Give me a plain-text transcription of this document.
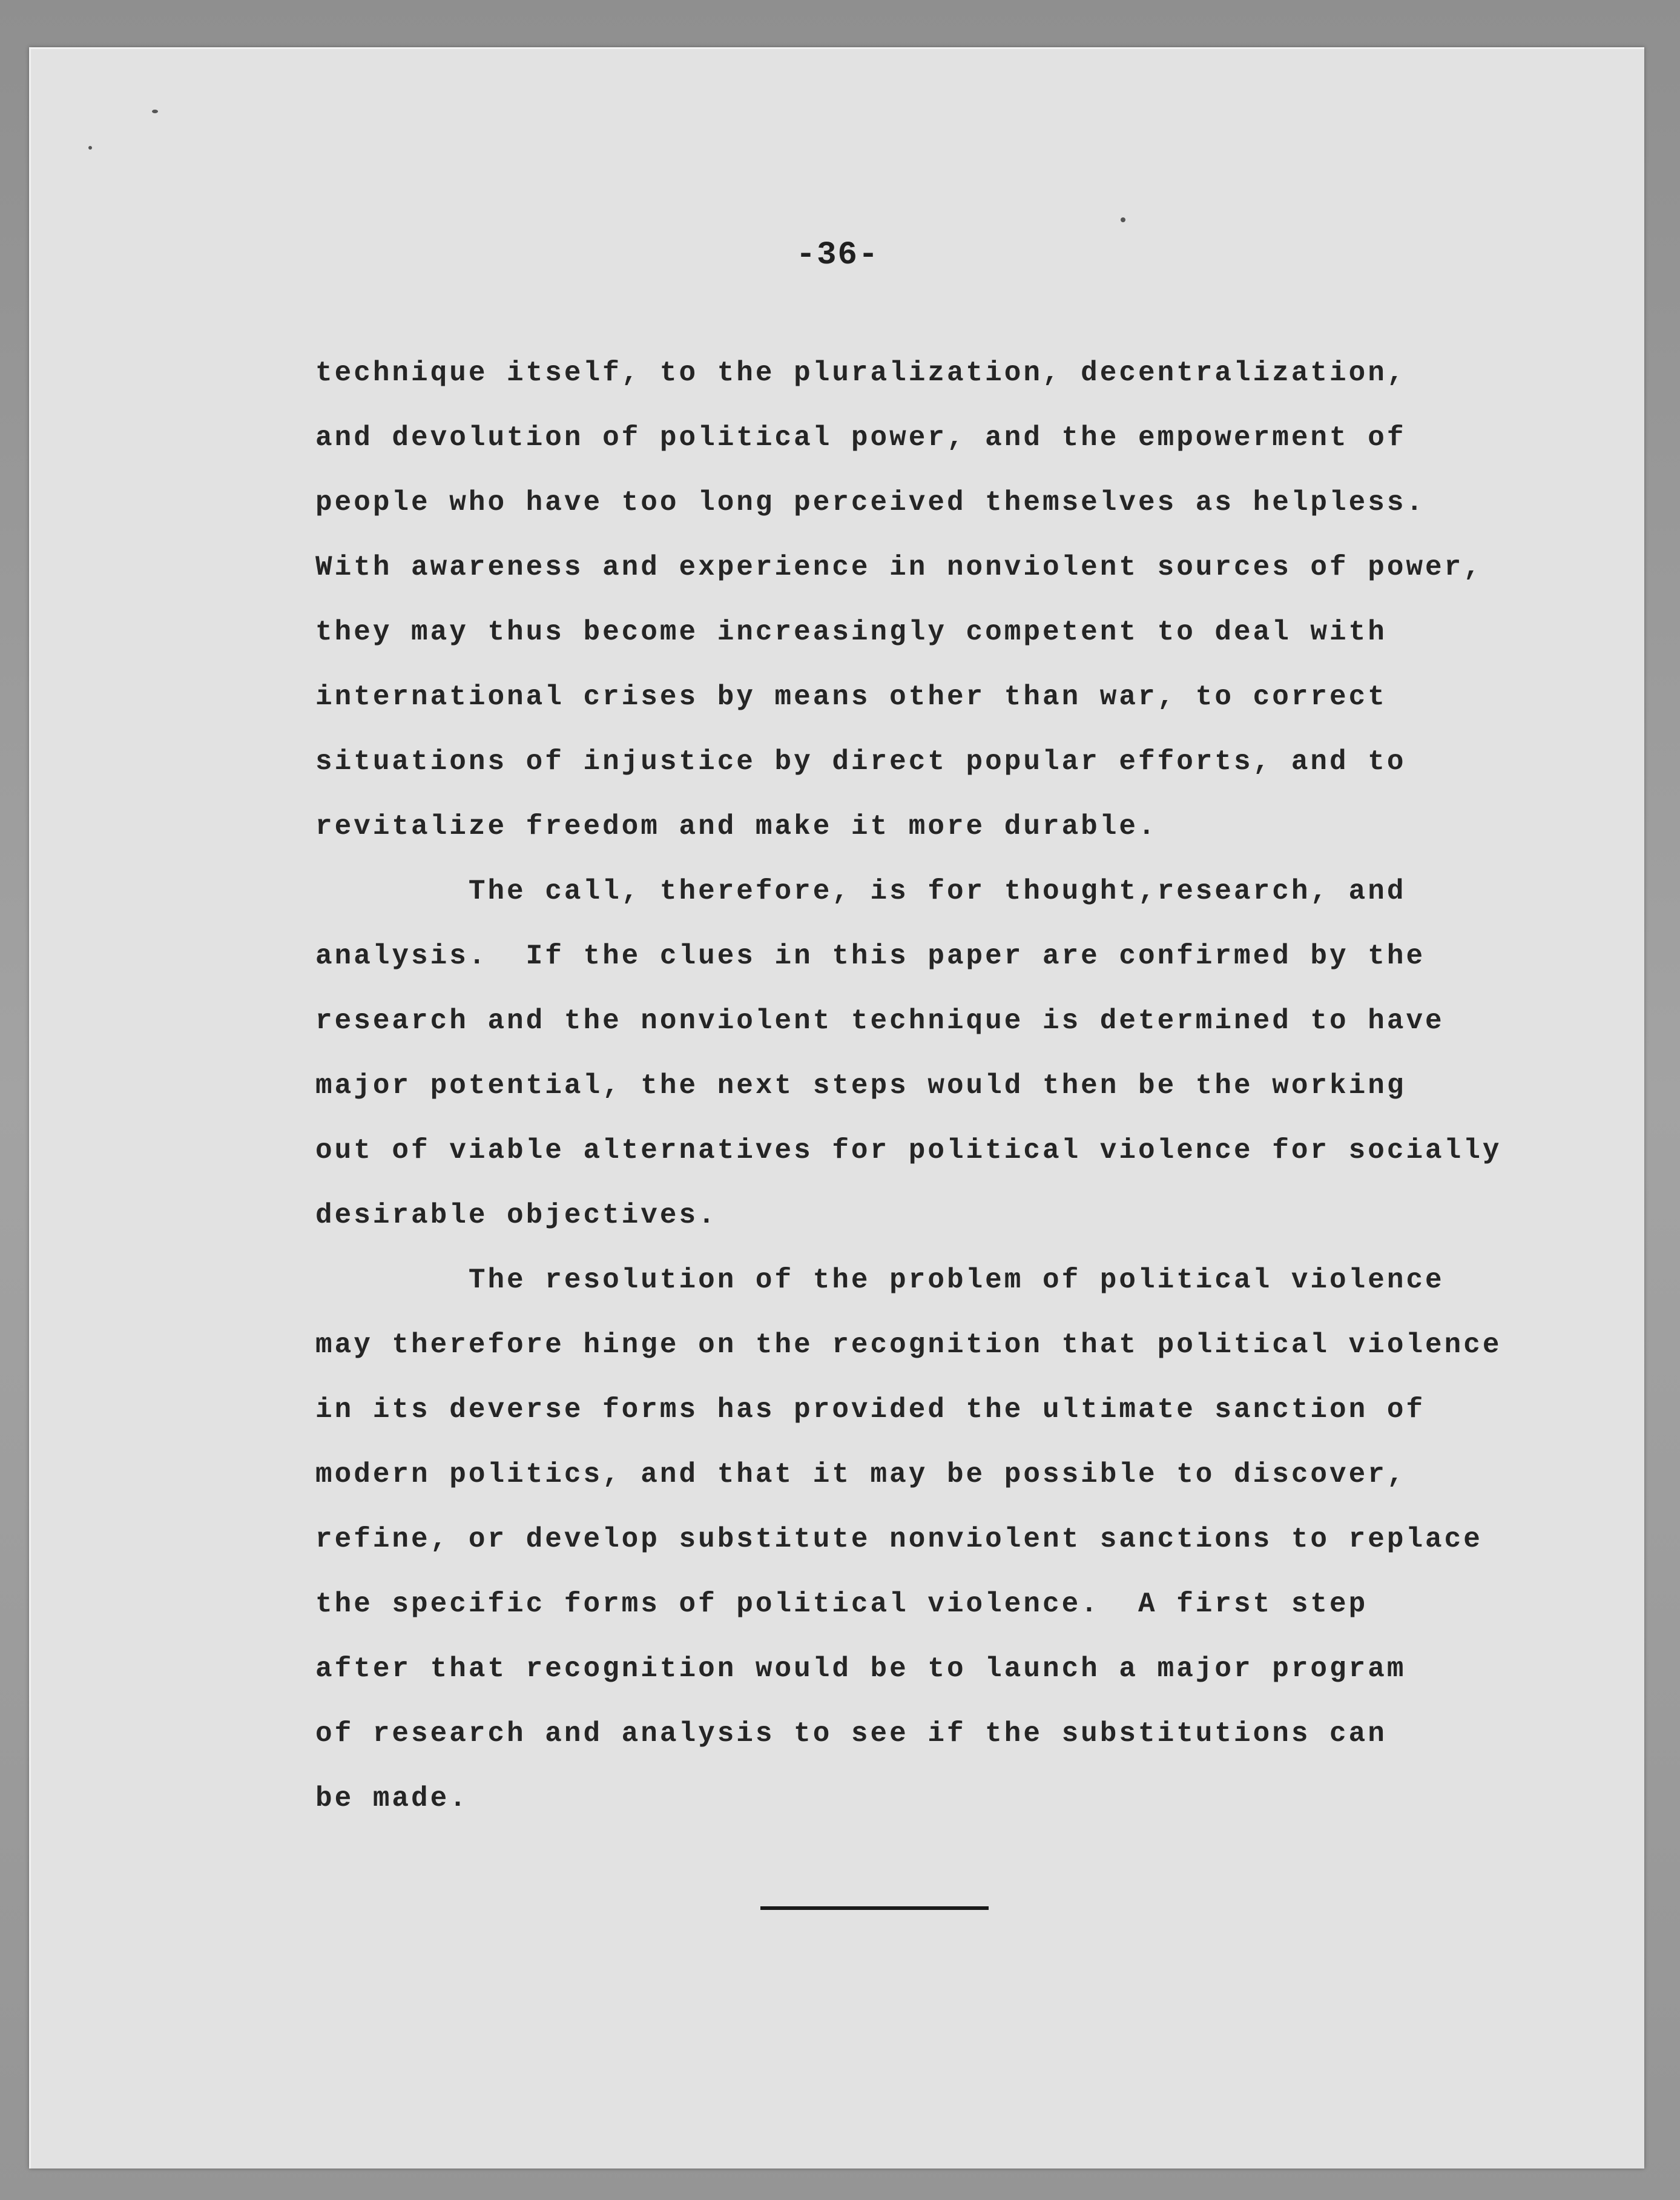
-36-
technique itself, to the pluralization, decentralization,
and devolution of political power, and the empowerment of
people who have too long perceived themselves as helpless.
With awareness and experience in nonviolent sources of power,
they may thus become increasingly competent to deal with
international crises by means other than war, to correct
situations of injustice by direct popular efforts, and to
revitalize freedom and make it more durable.
The call, therefore, is for thought,research, and
analysis.  If the clues in this paper are confirmed by the
research and the nonviolent technique is determined to have
major potential, the next steps would then be the working
out of viable alternatives for political violence for socially
desirable objectives.
The resolution of the problem of political violence
may therefore hinge on the recognition that political violence
in its deverse forms has provided the ultimate sanction of
modern politics, and that it may be possible to discover,
refine, or develop substitute nonviolent sanctions to replace
the specific forms of political violence.  A first step
after that recognition would be to launch a major program
of research and analysis to see if the substitutions can
be made.
